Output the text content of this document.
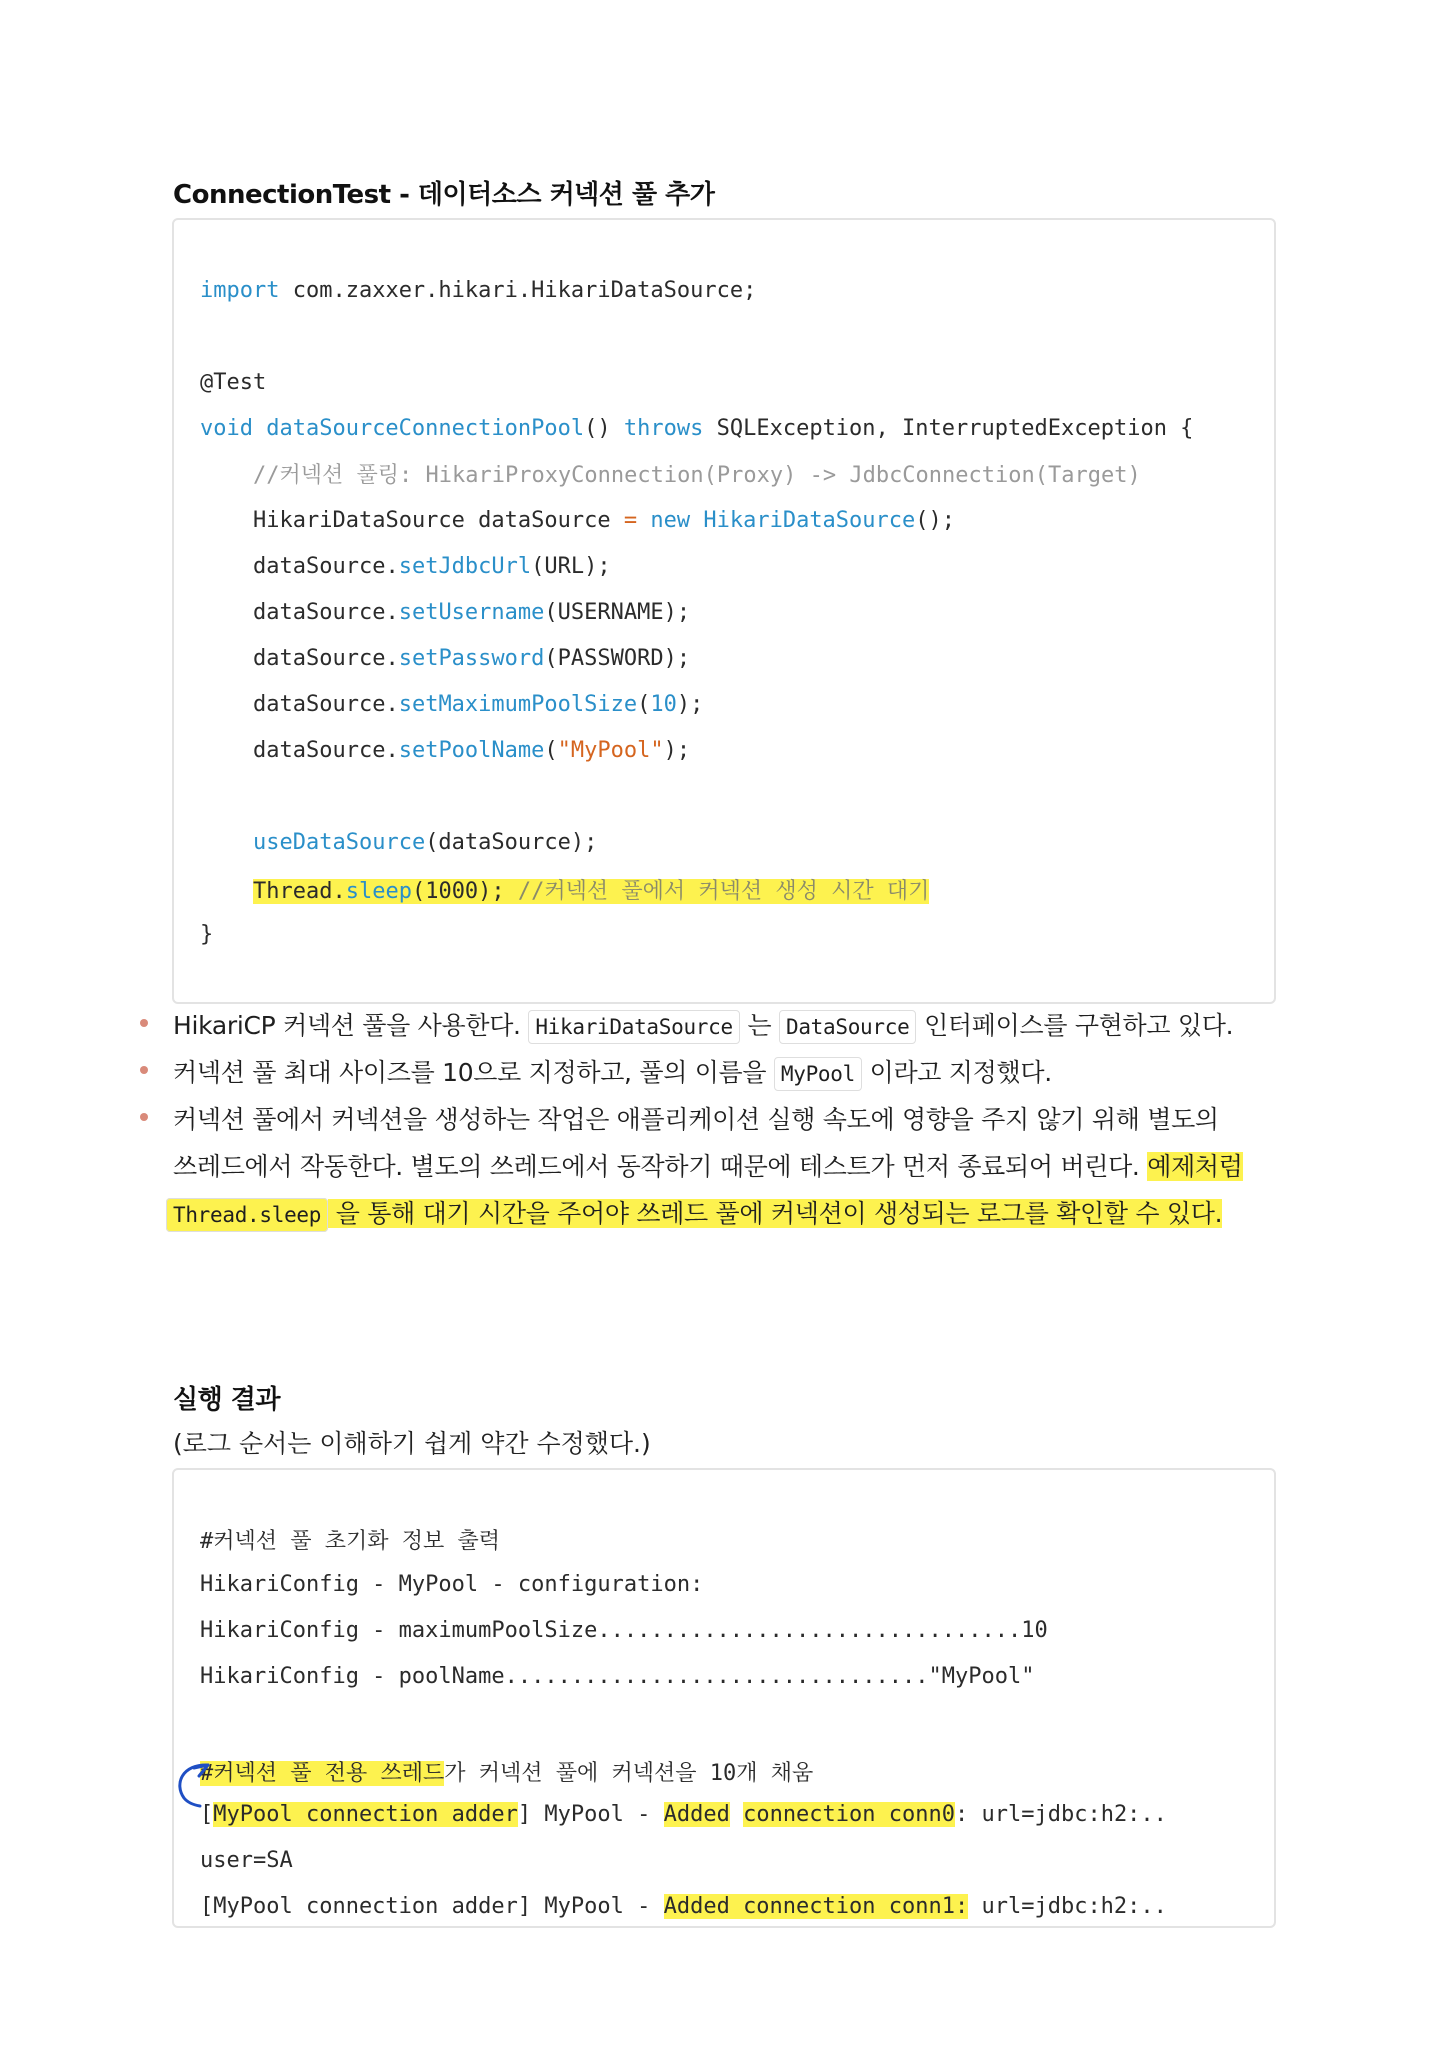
ConnectionTest - 데이터소스 커넥션 풀 추가
import com.zaxxer.hikari.HikariDataSource;
@Test
void dataSourceConnectionPool() throws SQLException, InterruptedException {
//커넥션 풀링: HikariProxyConnection(Proxy) -> JdbcConnection(Target)
HikariDataSource dataSource = new HikariDataSource();
dataSource.setJdbcUrl(URL);
dataSource.setUsername(USERNAME);
dataSource.setPassword(PASSWORD);
dataSource.setMaximumPoolSize(10);
dataSource.setPoolName("MyPool");
useDataSource(dataSource);
Thread.sleep(1000); //커넥션 풀에서 커넥션 생성 시간 대기
}
HikariCP 커넥션 풀을 사용한다. HikariDataSource 는 DataSource 인터페이스를 구현하고 있다.
커넥션 풀 최대 사이즈를 10으로 지정하고, 풀의 이름을 MyPool 이라고 지정했다.
커넥션 풀에서 커넥션을 생성하는 작업은 애플리케이션 실행 속도에 영향을 주지 않기 위해 별도의
쓰레드에서 작동한다. 별도의 쓰레드에서 동작하기 때문에 테스트가 먼저 종료되어 버린다. 예제처럼
Thread.sleep 을 통해 대기 시간을 주어야 쓰레드 풀에 커넥션이 생성되는 로그를 확인할 수 있다.
실행 결과
(로그 순서는 이해하기 쉽게 약간 수정했다.)
#커넥션 풀 초기화 정보 출력
HikariConfig - MyPool - configuration:
HikariConfig - maximumPoolSize................................10
HikariConfig - poolName................................"MyPool"
#커넥션 풀 전용 쓰레드가 커넥션 풀에 커넥션을 10개 채움
[MyPool connection adder] MyPool - Added connection conn0: url=jdbc:h2:..
user=SA
[MyPool connection adder] MyPool - Added connection conn1: url=jdbc:h2:..
